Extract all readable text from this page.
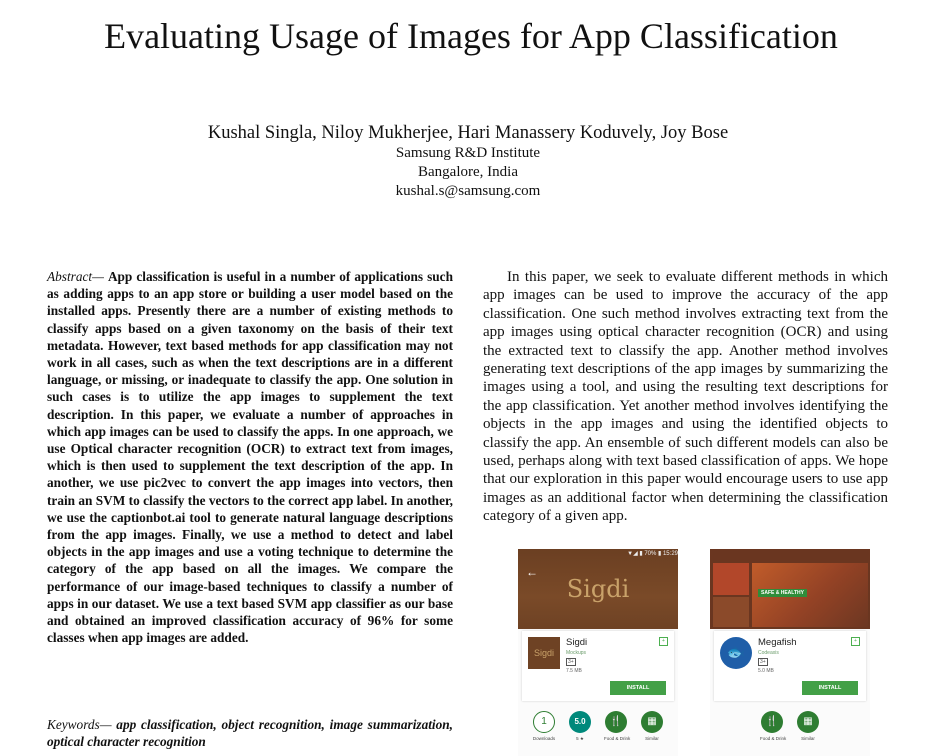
Evaluating Usage of Images for App Classification
Kushal Singla, Niloy Mukherjee, Hari Manassery Koduvely, Joy Bose
Samsung R&D Institute
Bangalore, India
kushal.s@samsung.com
Abstract— App classification is useful in a number of applications such as adding apps to an app store or building a user model based on the installed apps. Presently there are a number of existing methods to classify apps based on a given taxonomy on the basis of their text metadata. However, text based methods for app classification may not work in all cases, such as when the text descriptions are in a different language, or missing, or inadequate to classify the app. One solution in such cases is to utilize the app images to supplement the text description. In this paper, we evaluate a number of approaches in which app images can be used to classify the apps. In one approach, we use Optical character recognition (OCR) to extract text from images, which is then used to supplement the text description of the app. In another, we use pic2vec to convert the app images into vectors, then train an SVM to classify the vectors to the correct app label. In another, we use the captionbot.ai tool to generate natural language descriptions from the app images. Finally, we use a method to detect and label objects in the app images and use a voting technique to determine the category of the app based on all the images. We compare the performance of our image-based techniques to classify a number of apps in our dataset. We use a text based SVM app classifier as our base and obtained an improved classification accuracy of 96% for some classes when app images are added.
Keywords— app classification, object recognition, image summarization, optical character recognition
In this paper, we seek to evaluate different methods in which app images can be used to improve the accuracy of the app classification. One such method involves extracting text from the app images using optical character recognition (OCR) and using the extracted text to classify the app. Another method involves generating text descriptions of the app images by summarizing the images using a tool, and using the resulting text descriptions for the app classification. Yet another method involves identifying the objects in the app images and using the identified objects to classify the app. An ensemble of such different models can also be used, perhaps along with text based classification of apps. We hope that our exploration in this paper would encourage users to use app images as an additional factor when determining the classification category of a given app.
▼◢ ▮ 70% ▮ 15:29
←
Sigdi
Sigdi
Sigdi
Mockups
3+
7.5 MB
+
INSTALL
1
Downloads
5.0
5 ★
🍴
Food & Drink
▦
Similar
SAFE & HEALTHY
🐟
Megafish
Codeaxis
3+
5.0 MB
+
INSTALL
🍴
Food & Drink
▦
Similar
